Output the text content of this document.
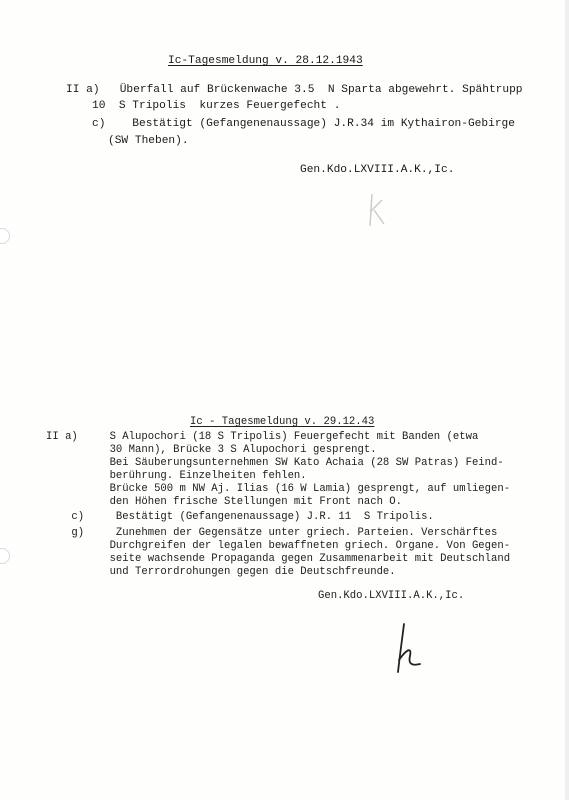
Ic-Tagesmeldung v. 28.12.1943
II a)   Überfall auf Brückenwache 3.5  N Sparta abgewehrt. Spähtrupp
10  S Tripolis  kurzes Feuergefecht .
c)    Bestätigt (Gefangenenaussage) J.R.34 im Kythairon-Gebirge
(SW Theben).
Gen.Kdo.LXVIII.A.K.,Ic.
Ic - Tagesmeldung v. 29.12.43
II a)     S Alupochori (18 S Tripolis) Feuergefecht mit Banden (etwa
30 Mann), Brücke 3 S Alupochori gesprengt.
Bei Säuberungsunternehmen SW Kato Achaia (28 SW Patras) Feind-
berührung. Einzelheiten fehlen.
Brücke 500 m NW Aj. Ilias (16 W Lamia) gesprengt, auf umliegen-
den Höhen frische Stellungen mit Front nach O.
c)     Bestätigt (Gefangenenaussage) J.R. 11  S Tripolis.
g)     Zunehmen der Gegensätze unter griech. Parteien. Verschärftes
Durchgreifen der legalen bewaffneten griech. Organe. Von Gegen-
seite wachsende Propaganda gegen Zusammenarbeit mit Deutschland
und Terrordrohungen gegen die Deutschfreunde.
Gen.Kdo.LXVIII.A.K.,Ic.
